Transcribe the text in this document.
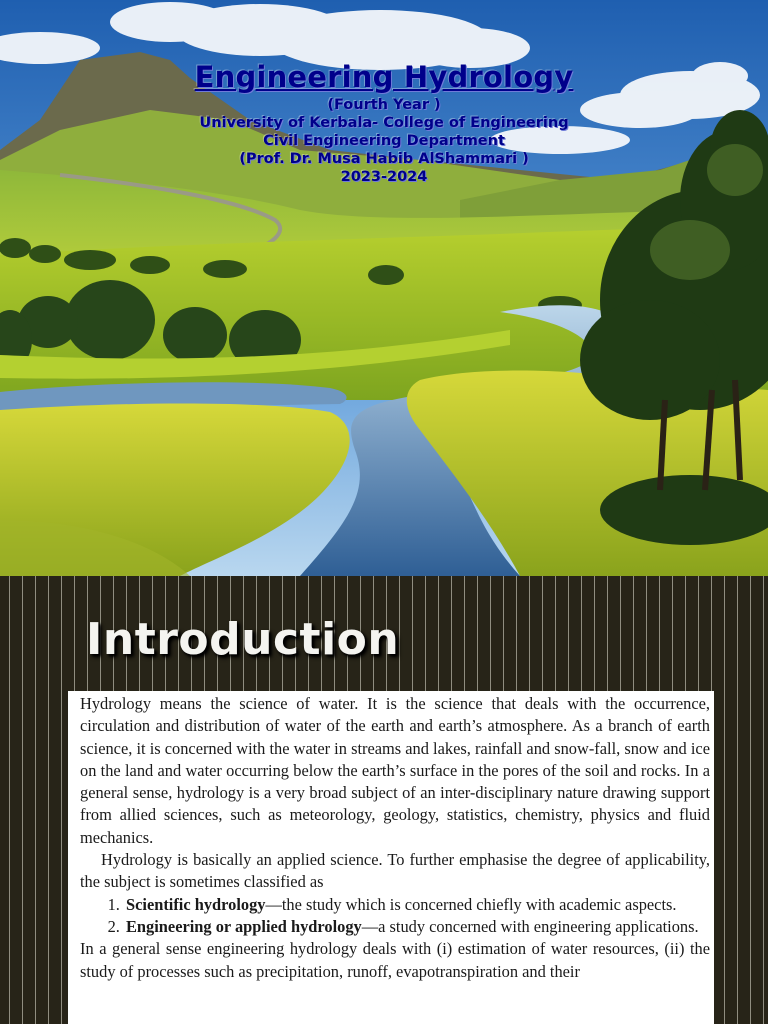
Engineering Hydrology
(Fourth Year )
University of Kerbala- College of Engineering
Civil Engineering Department
(Prof. Dr. Musa Habib AlShammari )
2023-2024
Introduction

Hydrology means the science of water. It is the science that deals with the occurrence, circulation and distribution of water of the earth and earth’s atmosphere. As a branch of earth science, it is concerned with the water in streams and lakes, rainfall and snow-fall, snow and ice on the land and water occurring below the earth’s surface in the pores of the soil and rocks. In a general sense, hydrology is a very broad subject of an inter-disciplinary nature drawing support from allied sciences, such as meteorology, geology, statistics, chemistry, physics and fluid mechanics.

Hydrology is basically an applied science. To further emphasise the degree of applicability, the subject is sometimes classified as

1. Scientific hydrology—the study which is concerned chiefly with academic aspects.
2. Engineering or applied hydrology—a study concerned with engineering applications.

In a general sense engineering hydrology deals with (i) estimation of water resources, (ii) the study of processes such as precipitation, runoff, evapotranspiration and their
